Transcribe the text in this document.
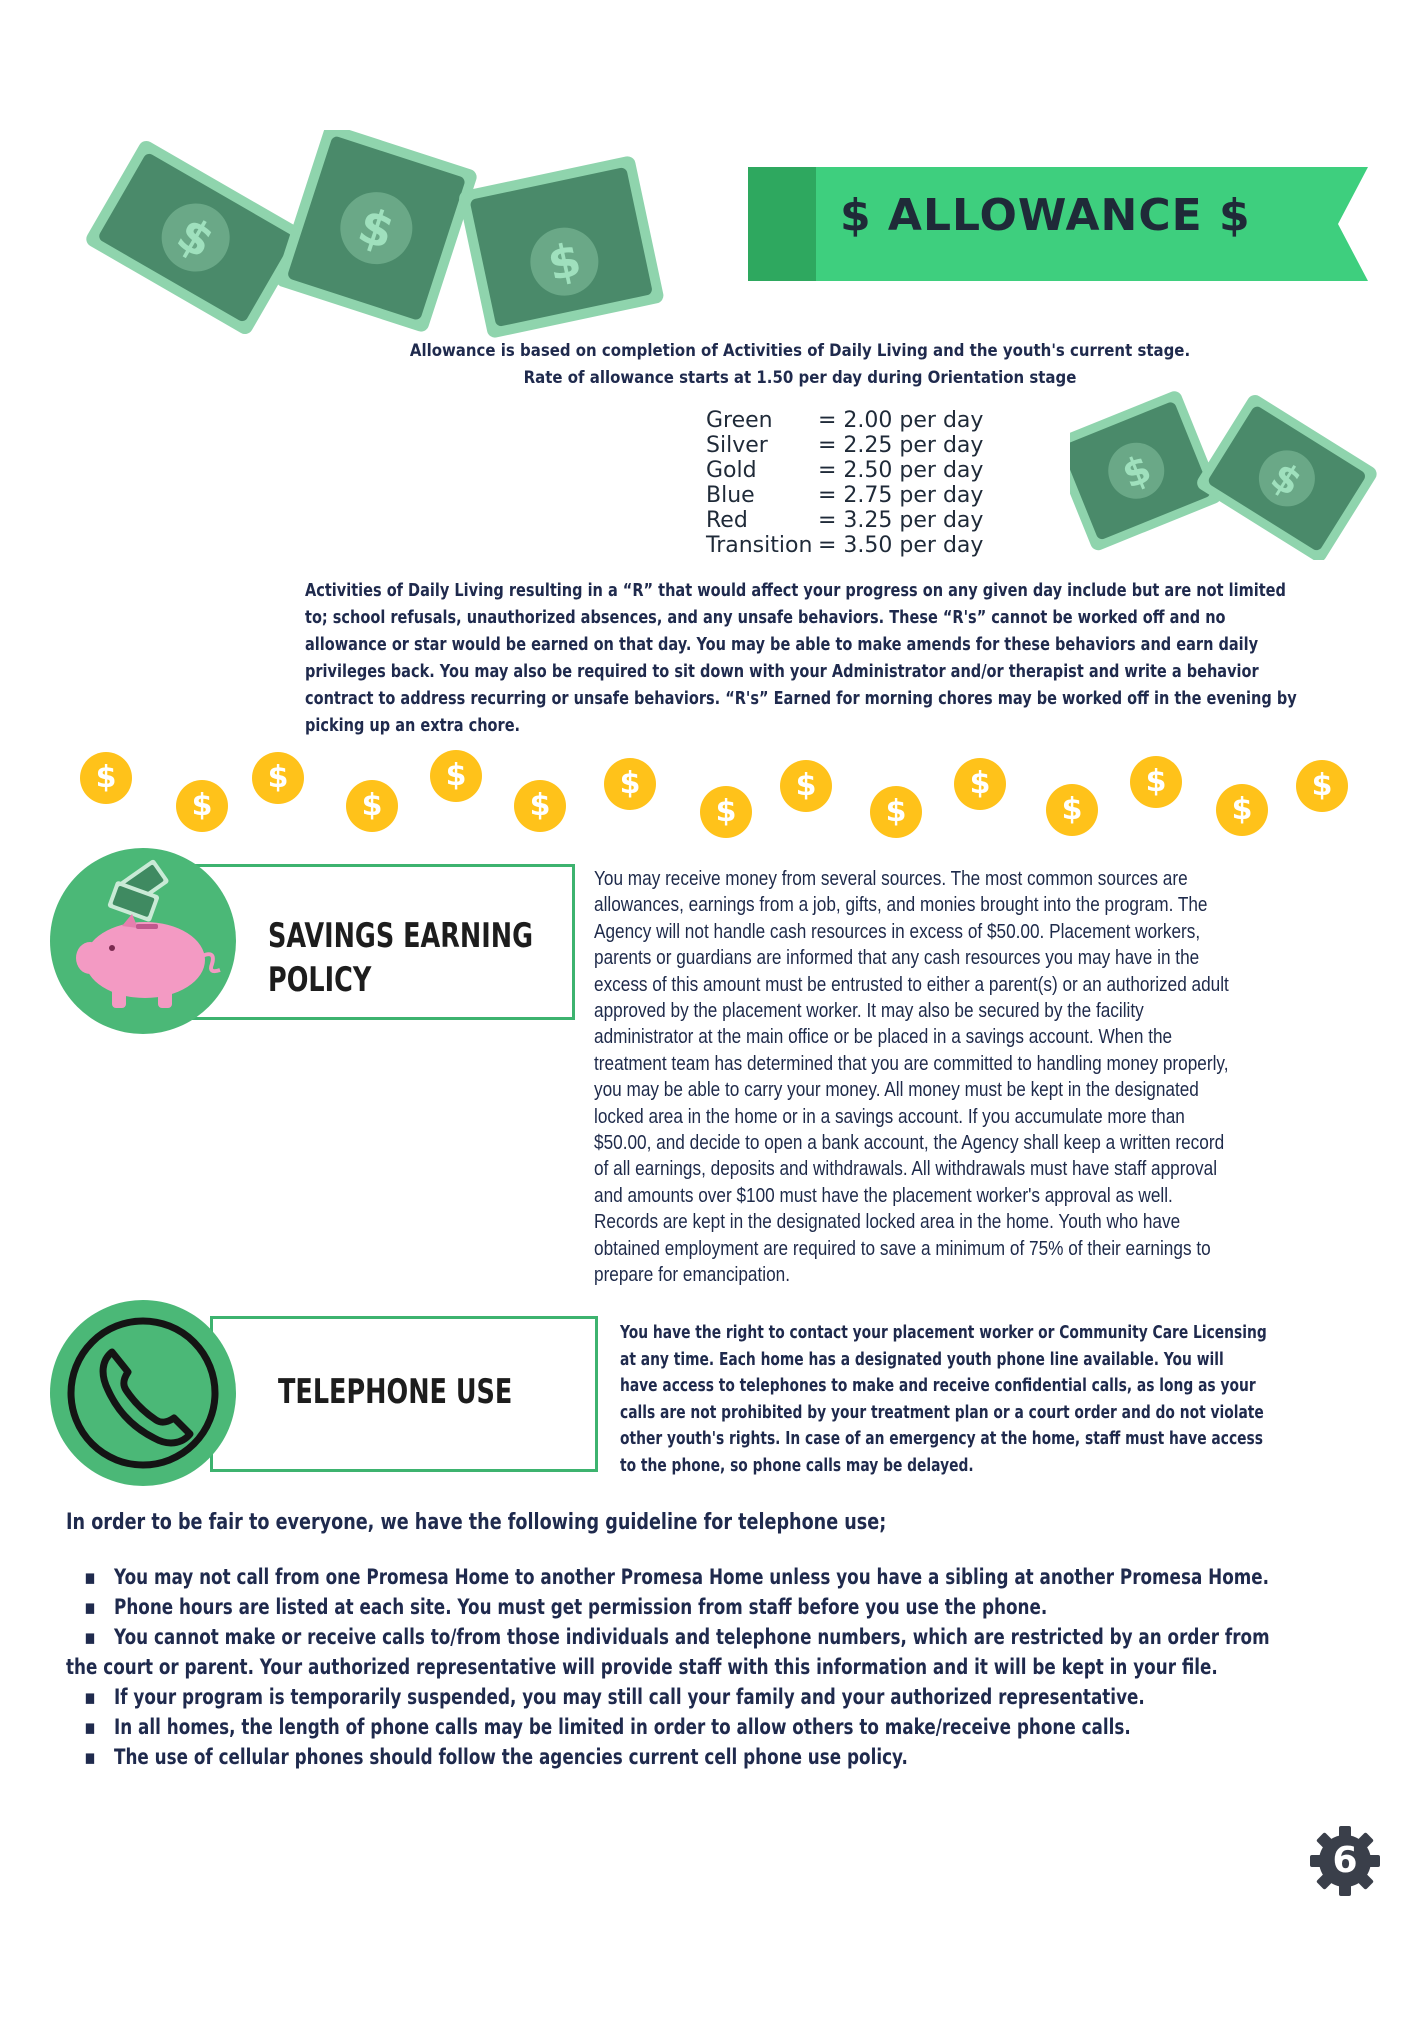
$	$
$
$	$
$ ALLOWANCE $
Allowance is based on completion of Activities of Daily Living and the youth's current stage.
Rate of allowance starts at 1.50 per day during Orientation stage
Green	= 2.00 per day
Silver	= 2.25 per day
Gold	= 2.50 per day
Blue	= 2.75 per day
Red	= 3.25 per day
Transition = 3.50 per day

Activities of Daily Living resulting in a “R” that would affect your progress on any given day include but are not limited

to; school refusals, unauthorized absences, and any unsafe behaviors. These “R's” cannot be worked off and no

allowance or star would be earned on that day. You may be able to make amends for these behaviors and earn daily

privileges back. You may also be required to sit down with your Administrator and/or therapist and write a behavior

contract to address recurring or unsafe behaviors. “R's” Earned for morning chores may be worked off in the evening by

picking up an extra chore.

$
$
$
$
$
$
$
$
$
$
$
$
$
$
$
SAVINGS EARNING
POLICY

You may receive money from several sources. The most common sources are

allowances, earnings from a job, gifts, and monies brought into the program. The

Agency will not handle cash resources in excess of $50.00. Placement workers,

parents or guardians are informed that any cash resources you may have in the

excess of this amount must be entrusted to either a parent(s) or an authorized adult

approved by the placement worker. It may also be secured by the facility

administrator at the main office or be placed in a savings account. When the

treatment team has determined that you are committed to handling money properly,

you may be able to carry your money. All money must be kept in the designated

locked area in the home or in a savings account. If you accumulate more than

$50.00, and decide to open a bank account, the Agency shall keep a written record

of all earnings, deposits and withdrawals. All withdrawals must have staff approval

and amounts over $100 must have the placement worker's approval as well.

Records are kept in the designated locked area in the home. Youth who have

obtained employment are required to save a minimum of 75% of their earnings to

prepare for emancipation.

TELEPHONE USE

You have the right to contact your placement worker or Community Care Licensing

at any time. Each home has a designated youth phone line available. You will

have access to telephones to make and receive confidential calls, as long as your

calls are not prohibited by your treatment plan or a court order and do not violate

other youth's rights. In case of an emergency at the home, staff must have access

to the phone, so phone calls may be delayed.

In order to be fair to everyone, we have the following guideline for telephone use;
▪ You may not call from one Promesa Home to another Promesa Home unless you have a sibling at another Promesa Home.
▪ Phone hours are listed at each site. You must get permission from staff before you use the phone.
▪ You cannot make or receive calls to/from those individuals and telephone numbers, which are restricted by an order from
the court or parent. Your authorized representative will provide staff with this information and it will be kept in your file.
▪ If your program is temporarily suspended, you may still call your family and your authorized representative.
▪ In all homes, the length of phone calls may be limited in order to allow others to make/receive phone calls.
▪ The use of cellular phones should follow the agencies current cell phone use policy.
6
